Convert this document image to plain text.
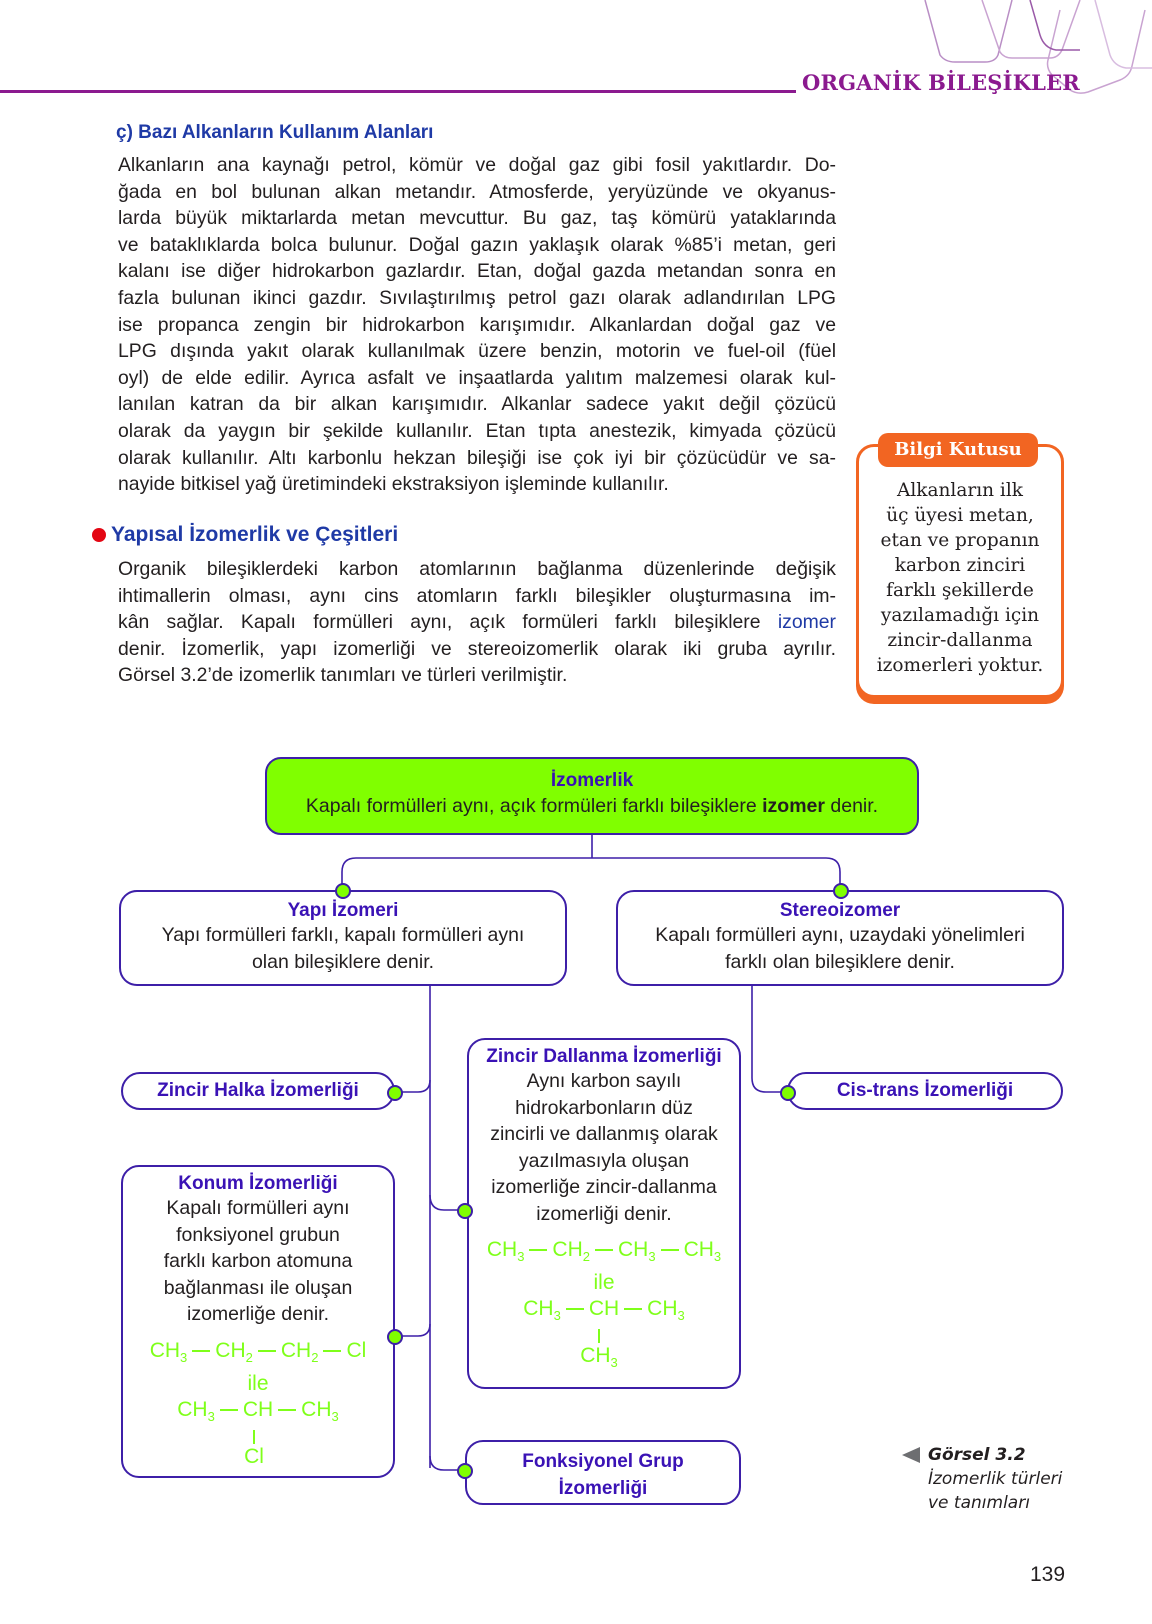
ORGANİK BİLEŞİKLER
ç) Bazı Alkanların Kullanım Alanları
Alkanların ana kaynağı petrol, kömür ve doğal gaz gibi fosil yakıtlardır. Do-
ğada en bol bulunan alkan metandır. Atmosferde, yeryüzünde ve okyanus-
larda büyük miktarlarda metan mevcuttur. Bu gaz, taş kömürü yataklarında
ve bataklıklarda bolca bulunur. Doğal gazın yaklaşık olarak %85’i metan, geri
kalanı ise diğer hidrokarbon gazlardır. Etan, doğal gazda metandan sonra en
fazla bulunan ikinci gazdır. Sıvılaştırılmış petrol gazı olarak adlandırılan LPG
ise propanca zengin bir hidrokarbon karışımıdır. Alkanlardan doğal gaz ve
LPG dışında yakıt olarak kullanılmak üzere benzin, motorin ve fuel-oil (füel
oyl) de elde edilir. Ayrıca asfalt ve inşaatlarda yalıtım malzemesi olarak kul-
lanılan katran da bir alkan karışımıdır. Alkanlar sadece yakıt değil çözücü
olarak da yaygın bir şekilde kullanılır. Etan tıpta anestezik, kimyada çözücü
olarak kullanılır. Altı karbonlu hekzan bileşiği ise çok iyi bir çözücüdür ve sa-
nayide bitkisel yağ üretimindeki ekstraksiyon işleminde kullanılır.
Yapısal İzomerlik ve Çeşitleri
Organik bileşiklerdeki karbon atomlarının bağlanma düzenlerinde değişik
ihtimallerin olması, aynı cins atomların farklı bileşikler oluşturmasına im-
kân sağlar. Kapalı formülleri aynı, açık formüleri farklı bileşiklere izomer
denir. İzomerlik, yapı izomerliği ve stereoizomerlik olarak iki gruba ayrılır.
Görsel 3.2’de izomerlik tanımları ve türleri verilmiştir.
Bilgi Kutusu
Alkanların ilk
üç üyesi metan,
etan ve propanın
karbon zinciri
farklı şekillerde
yazılamadığı için
zincir-dallanma
izomerleri yoktur.
İzomerlik
Kapalı formülleri aynı, açık formüleri farklı bileşiklere izomer denir.
Yapı İzomeri
Yapı formülleri farklı, kapalı formülleri aynı
olan bileşiklere denir.
Stereoizomer
Kapalı formülleri aynı, uzaydaki yönelimleri
farklı olan bileşiklere denir.
Zincir Halka İzomerliği	Cis-trans İzomerliği
Konum İzomerliği
Kapalı formülleri aynı
fonksiyonel grubun
farklı karbon atomuna
bağlanması ile oluşan
izomerliğe denir.
$CH_3$ $CH_2$ $CH_2$ Cl
ile
$CH_3$ CH $CH_3$
Cl
Zincir Dallanma İzomerliği
Aynı karbon sayılı
hidrokarbonların düz
zincirli ve dallanmış olarak
yazılmasıyla oluşan
izomerliğe zincir-dallanma
izomerliği denir.
$CH_3$ $CH_2$ $CH_3$ $CH_3$
ile
$CH_3$ CH $CH_3$
$CH_3$
Fonksiyonel Grup
İzomerliği
Görsel 3.2
İzomerlik türleri
ve tanımları
139
